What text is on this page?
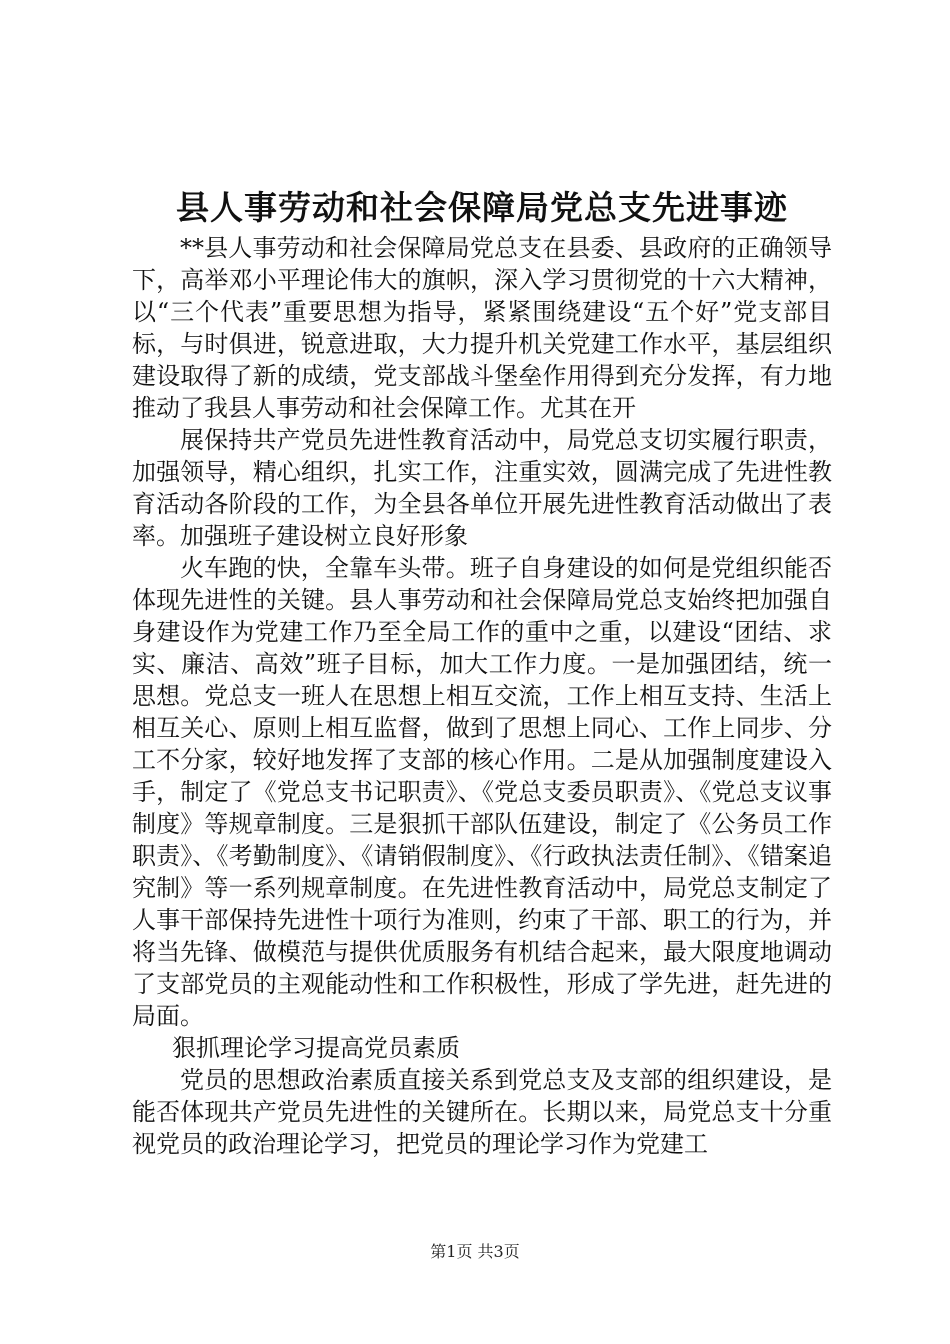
县人事劳动和社会保障局党总支先进事迹

**县人事劳动和社会保障局党总支在县委、县政府的正确领导下，高举邓小平理论伟大的旗帜，深入学习贯彻党的十六大精神，以“三个代表”重要思想为指导，紧紧围绕建设“五个好”党支部目标，与时俱进，锐意进取，大力提升机关党建工作水平，基层组织建设取得了新的成绩，党支部战斗堡垒作用得到充分发挥，有力地推动了我县人事劳动和社会保障工作。尤其在开

展保持共产党员先进性教育活动中，局党总支切实履行职责，加强领导，精心组织，扎实工作，注重实效，圆满完成了先进性教育活动各阶段的工作，为全县各单位开展先进性教育活动做出了表率。加强班子建设树立良好形象

火车跑的快，全靠车头带。班子自身建设的如何是党组织能否体现先进性的关键。县人事劳动和社会保障局党总支始终把加强自身建设作为党建工作乃至全局工作的重中之重，以建设“团结、求实、廉洁、高效”班子目标，加大工作力度。一是加强团结，统一思想。党总支一班人在思想上相互交流，工作上相互支持、生活上相互关心、原则上相互监督，做到了思想上同心、工作上同步、分工不分家，较好地发挥了支部的核心作用。二是从加强制度建设入手，制定了《党总支书记职责》、《党总支委员职责》、《党总支议事制度》等规章制度。三是狠抓干部队伍建设，制定了《公务员工作职责》、《考勤制度》、《请销假制度》、《行政执法责任制》、《错案追究制》等一系列规章制度。在先进性教育活动中，局党总支制定了人事干部保持先进性十项行为准则，约束了干部、职工的行为，并将当先锋、做模范与提供优质服务有机结合起来，最大限度地调动了支部党员的主观能动性和工作积极性，形成了学先进，赶先进的局面。

狠抓理论学习提高党员素质

党员的思想政治素质直接关系到党总支及支部的组织建设，是能否体现共产党员先进性的关键所在。长期以来，局党总支十分重视党员的政治理论学习，把党员的理论学习作为党建工

第1页 共3页
